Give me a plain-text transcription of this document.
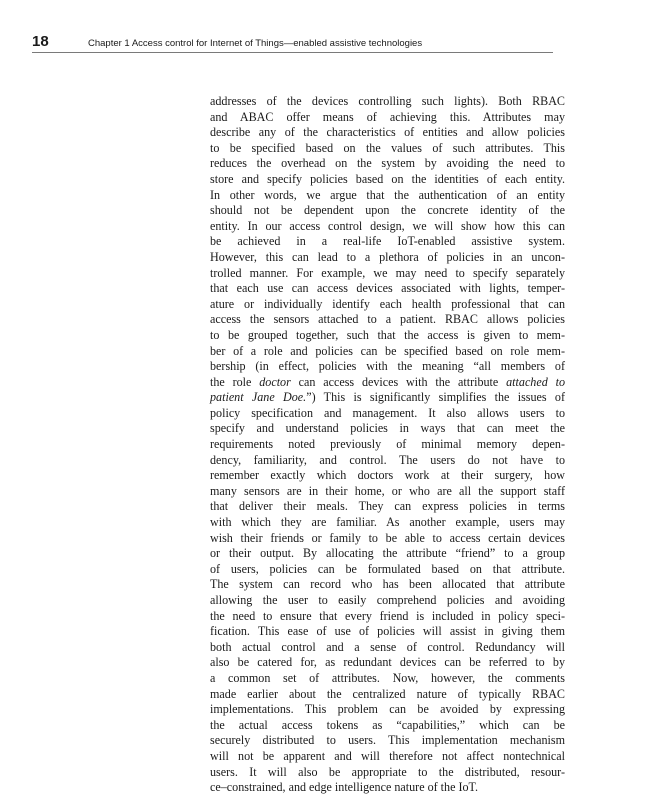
18	Chapter 1 Access control for Internet of Things—enabled assistive technologies
addresses of the devices controlling such lights). Both RBAC
and ABAC offer means of achieving this. Attributes may
describe any of the characteristics of entities and allow policies
to be specified based on the values of such attributes. This
reduces the overhead on the system by avoiding the need to
store and specify policies based on the identities of each entity.
In other words, we argue that the authentication of an entity
should not be dependent upon the concrete identity of the
entity. In our access control design, we will show how this can
be achieved in a real-life IoT-enabled assistive system.
However, this can lead to a plethora of policies in an uncon-
trolled manner. For example, we may need to specify separately
that each use can access devices associated with lights, temper-
ature or individually identify each health professional that can
access the sensors attached to a patient. RBAC allows policies
to be grouped together, such that the access is given to mem-
ber of a role and policies can be specified based on role mem-
bership (in effect, policies with the meaning “all members of
the role doctor can access devices with the attribute attached to
patient Jane Doe.”) This is significantly simplifies the issues of
policy specification and management. It also allows users to
specify and understand policies in ways that can meet the
requirements noted previously of minimal memory depen-
dency, familiarity, and control. The users do not have to
remember exactly which doctors work at their surgery, how
many sensors are in their home, or who are all the support staff
that deliver their meals. They can express policies in terms
with which they are familiar. As another example, users may
wish their friends or family to be able to access certain devices
or their output. By allocating the attribute “friend” to a group
of users, policies can be formulated based on that attribute.
The system can record who has been allocated that attribute
allowing the user to easily comprehend policies and avoiding
the need to ensure that every friend is included in policy speci-
fication. This ease of use of policies will assist in giving them
both actual control and a sense of control. Redundancy will
also be catered for, as redundant devices can be referred to by
a common set of attributes. Now, however, the comments
made earlier about the centralized nature of typically RBAC
implementations. This problem can be avoided by expressing
the actual access tokens as “capabilities,” which can be
securely distributed to users. This implementation mechanism
will not be apparent and will therefore not affect nontechnical
users. It will also be appropriate to the distributed, resour-
ce–constrained, and edge intelligence nature of the IoT.
